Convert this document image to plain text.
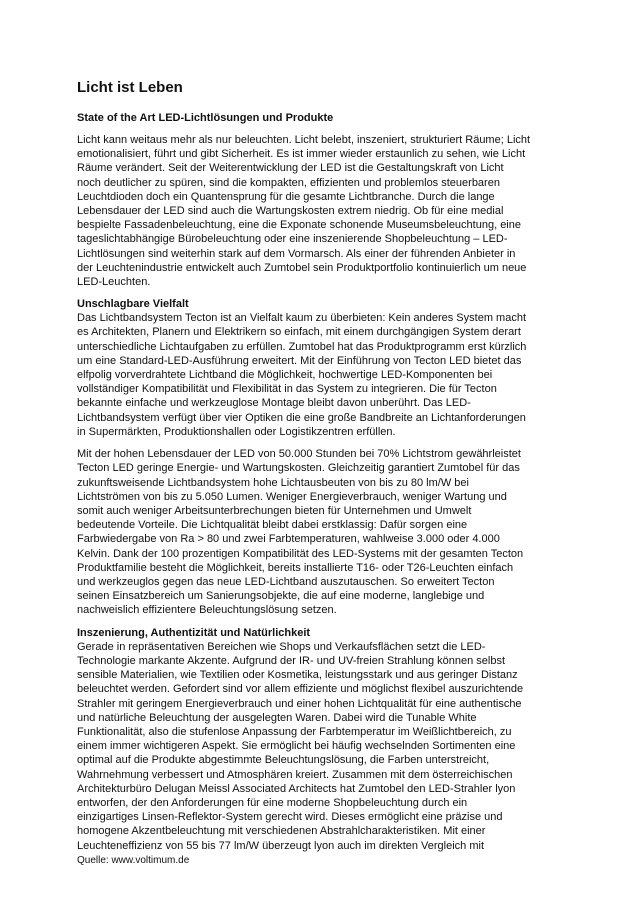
Licht ist Leben
State of the Art LED-Lichtlösungen und Produkte

Licht kann weitaus mehr als nur beleuchten. Licht belebt, inszeniert, strukturiert Räume; Licht
emotionalisiert, führt und gibt Sicherheit. Es ist immer wieder erstaunlich zu sehen, wie Licht
Räume verändert. Seit der Weiterentwicklung der LED ist die Gestaltungskraft von Licht
noch deutlicher zu spüren, sind die kompakten, effizienten und problemlos steuerbaren
Leuchtdioden doch ein Quantensprung für die gesamte Lichtbranche. Durch die lange
Lebensdauer der LED sind auch die Wartungskosten extrem niedrig. Ob für eine medial
bespielte Fassadenbeleuchtung, eine die Exponate schonende Museumsbeleuchtung, eine
tageslichtabhängige Bürobeleuchtung oder eine inszenierende Shopbeleuchtung – LED-
Lichtlösungen sind weiterhin stark auf dem Vormarsch. Als einer der führenden Anbieter in
der Leuchtenindustrie entwickelt auch Zumtobel sein Produktportfolio kontinuierlich um neue
LED-Leuchten.

Unschlagbare Vielfalt

Das Lichtbandsystem Tecton ist an Vielfalt kaum zu überbieten: Kein anderes System macht
es Architekten, Planern und Elektrikern so einfach, mit einem durchgängigen System derart
unterschiedliche Lichtaufgaben zu erfüllen. Zumtobel hat das Produktprogramm erst kürzlich
um eine Standard-LED-Ausführung erweitert. Mit der Einführung von Tecton LED bietet das
elfpolig vorverdrahtete Lichtband die Möglichkeit, hochwertige LED-Komponenten bei
vollständiger Kompatibilität und Flexibilität in das System zu integrieren. Die für Tecton
bekannte einfache und werkzeuglose Montage bleibt davon unberührt. Das LED-
Lichtbandsystem verfügt über vier Optiken die eine große Bandbreite an Lichtanforderungen
in Supermärkten, Produktionshallen oder Logistikzentren erfüllen.

Mit der hohen Lebensdauer der LED von 50.000 Stunden bei 70% Lichtstrom gewährleistet
Tecton LED geringe Energie- und Wartungskosten. Gleichzeitig garantiert Zumtobel für das
zukunftsweisende Lichtbandsystem hohe Lichtausbeuten von bis zu 80 lm/W bei
Lichtströmen von bis zu 5.050 Lumen. Weniger Energieverbrauch, weniger Wartung und
somit auch weniger Arbeitsunterbrechungen bieten für Unternehmen und Umwelt
bedeutende Vorteile. Die Lichtqualität bleibt dabei erstklassig: Dafür sorgen eine
Farbwiedergabe von Ra > 80 und zwei Farbtemperaturen, wahlweise 3.000 oder 4.000
Kelvin. Dank der 100 prozentigen Kompatibilität des LED-Systems mit der gesamten Tecton
Produktfamilie besteht die Möglichkeit, bereits installierte T16- oder T26-Leuchten einfach
und werkzeuglos gegen das neue LED-Lichtband auszutauschen. So erweitert Tecton
seinen Einsatzbereich um Sanierungsobjekte, die auf eine moderne, langlebige und
nachweislich effizientere Beleuchtungslösung setzen.

Inszenierung, Authentizität und Natürlichkeit

Gerade in repräsentativen Bereichen wie Shops und Verkaufsflächen setzt die LED-
Technologie markante Akzente. Aufgrund der IR- und UV-freien Strahlung können selbst
sensible Materialien, wie Textilien oder Kosmetika, leistungsstark und aus geringer Distanz
beleuchtet werden. Gefordert sind vor allem effiziente und möglichst flexibel auszurichtende
Strahler mit geringem Energieverbrauch und einer hohen Lichtqualität für eine authentische
und natürliche Beleuchtung der ausgelegten Waren. Dabei wird die Tunable White
Funktionalität, also die stufenlose Anpassung der Farbtemperatur im Weißlichtbereich, zu
einem immer wichtigeren Aspekt. Sie ermöglicht bei häufig wechselnden Sortimenten eine
optimal auf die Produkte abgestimmte Beleuchtungslösung, die Farben unterstreicht,
Wahrnehmung verbessert und Atmosphären kreiert. Zusammen mit dem österreichischen
Architekturbüro Delugan Meissl Associated Architects hat Zumtobel den LED-Strahler lyon
entworfen, der den Anforderungen für eine moderne Shopbeleuchtung durch ein
einzigartiges Linsen-Reflektor-System gerecht wird. Dieses ermöglicht eine präzise und
homogene Akzentbeleuchtung mit verschiedenen Abstrahlcharakteristiken. Mit einer
Leuchteneffizienz von 55 bis 77 lm/W überzeugt lyon auch im direkten Vergleich mit

Quelle: www.voltimum.de
